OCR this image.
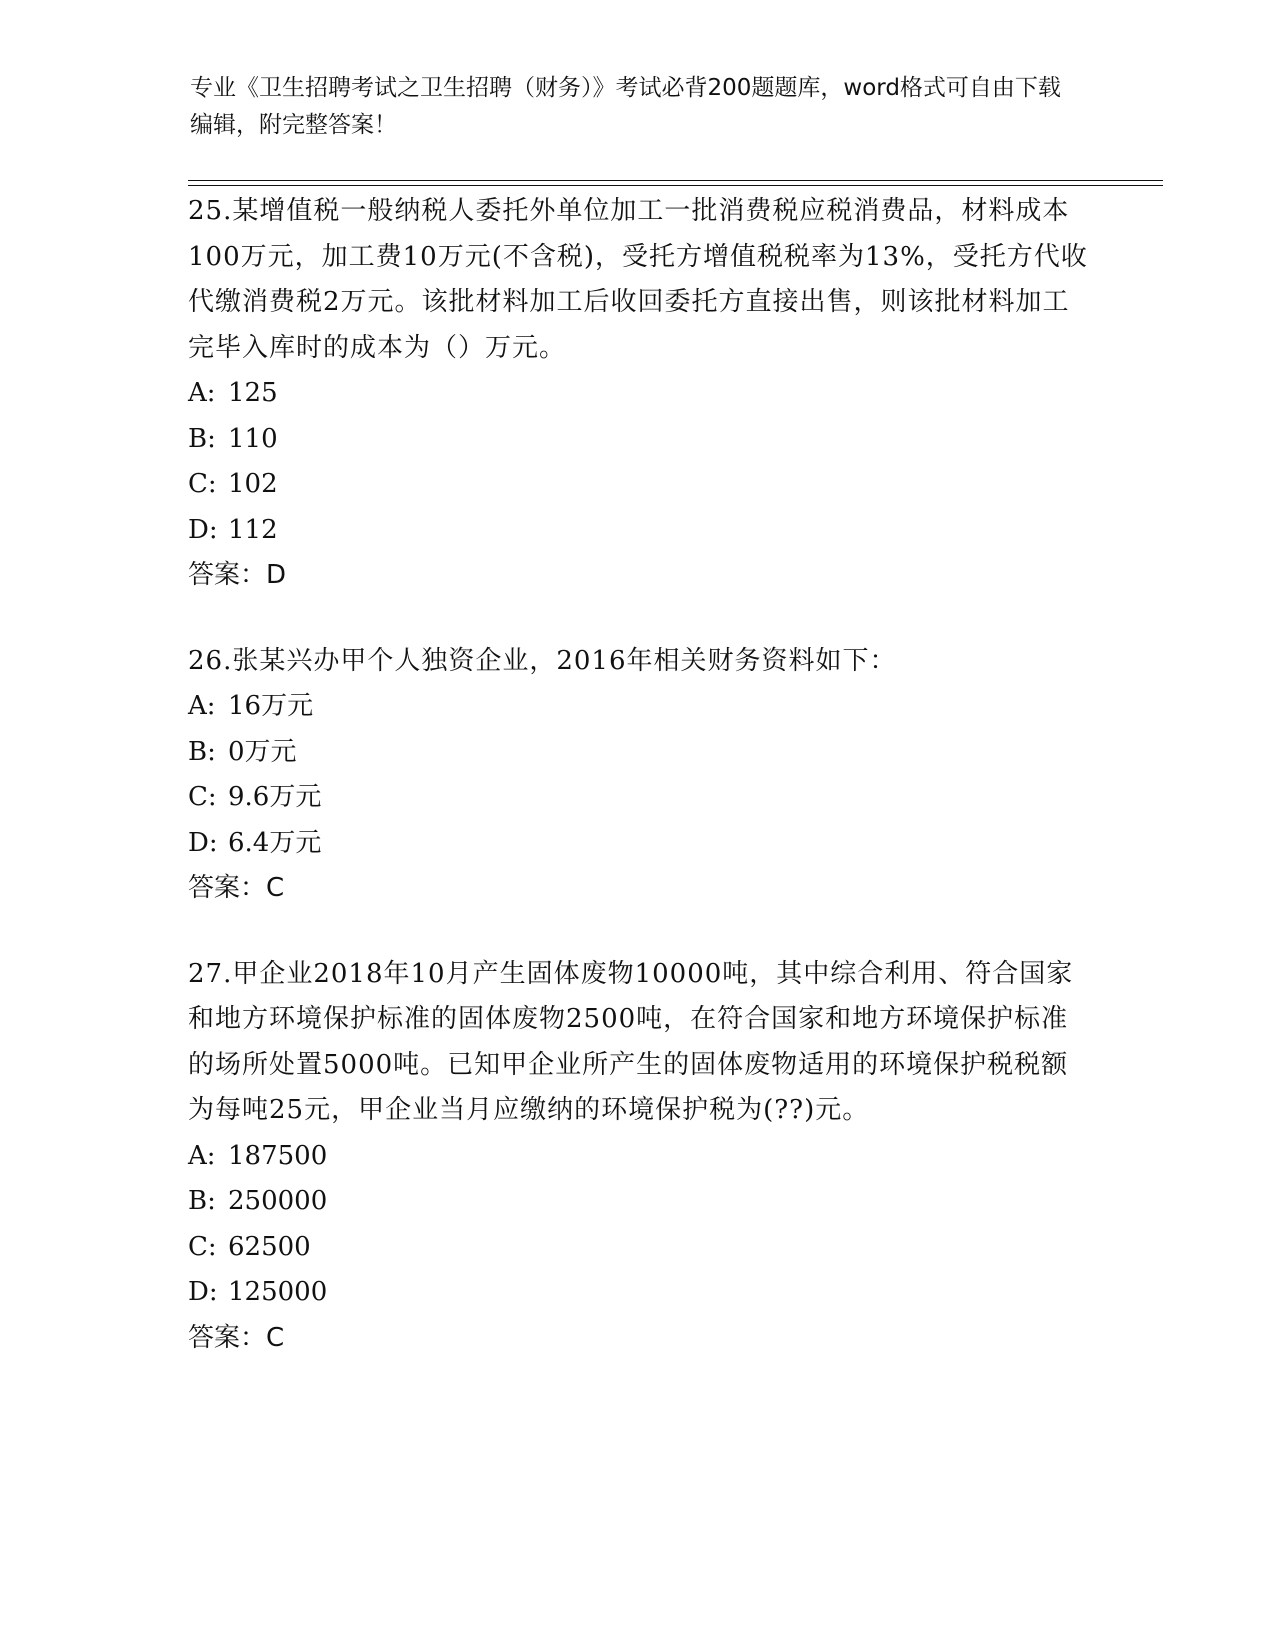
专业《卫生招聘考试之卫生招聘（财务）》考试必背200题题库，word格式可自由下载编辑，附完整答案！
25.某增值税一般纳税人委托外单位加工一批消费税应税消费品，材料成本100万元，加工费10万元(不含税)，受托方增值税税率为13%，受托方代收代缴消费税2万元。该批材料加工后收回委托方直接出售，则该批材料加工完毕入库时的成本为（）万元。
A: 125
B: 110
C: 102
D: 112
答案：D
26.张某兴办甲个人独资企业，2016年相关财务资料如下：
A: 16万元
B: 0万元
C: 9.6万元
D: 6.4万元
答案：C
27.甲企业2018年10月产生固体废物10000吨，其中综合利用、符合国家和地方环境保护标准的固体废物2500吨，在符合国家和地方环境保护标准的场所处置5000吨。已知甲企业所产生的固体废物适用的环境保护税税额为每吨25元，甲企业当月应缴纳的环境保护税为(??)元。
A: 187500
B: 250000
C: 62500
D: 125000
答案：C
